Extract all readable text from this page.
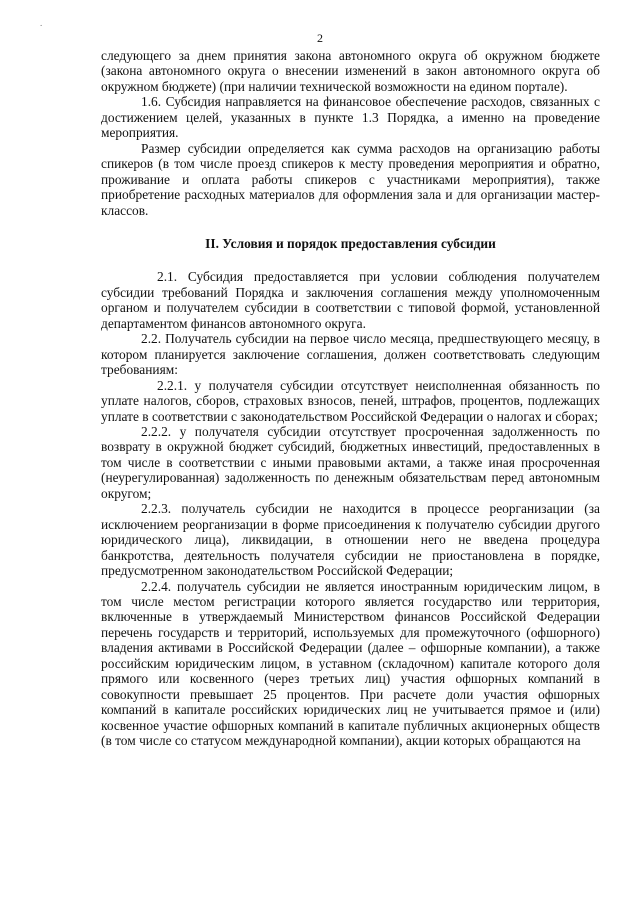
.
2

следующего за днем принятия закона автономного округа об окружном бюджете (закона автономного округа о внесении изменений в закон автономного округа об окружном бюджете) (при наличии технической возможности на едином портале).

1.6. Субсидия направляется на финансовое обеспечение расходов, связанных с достижением целей, указанных в пункте 1.3 Порядка, а именно на проведение мероприятия.

Размер субсидии определяется как сумма расходов на организацию работы спикеров (в том числе проезд спикеров к месту проведения мероприятия и обратно, проживание и оплата работы спикеров с участниками мероприятия), также приобретение расходных материалов для оформления зала и для организации мастер-классов.

II. Условия и порядок предоставления субсидии

2.1. Субсидия предоставляется при условии соблюдения получателем субсидии требований Порядка и заключения соглашения между уполномоченным органом и получателем субсидии в соответствии с типовой формой, установленной департаментом финансов автономного округа.

2.2. Получатель субсидии на первое число месяца, предшествующего месяцу, в котором планируется заключение соглашения, должен соответствовать следующим требованиям:

2.2.1. у получателя субсидии отсутствует неисполненная обязанность по уплате налогов, сборов, страховых взносов, пеней, штрафов, процентов, подлежащих уплате в соответствии с законодательством Российской Федерации о налогах и сборах;

2.2.2. у получателя субсидии отсутствует просроченная задолженность по возврату в окружной бюджет субсидий, бюджетных инвестиций, предоставленных в том числе в соответствии с иными правовыми актами, а также иная просроченная (неурегулированная) задолженность по денежным обязательствам перед автономным округом;

2.2.3. получатель субсидии не находится в процессе реорганизации (за исключением реорганизации в форме присоединения к получателю субсидии другого юридического лица), ликвидации, в отношении него не введена процедура банкротства, деятельность получателя субсидии не приостановлена в порядке, предусмотренном законодательством Российской Федерации;

2.2.4. получатель субсидии не является иностранным юридическим лицом, в том числе местом регистрации которого является государство или территория, включенные в утверждаемый Министерством финансов Российской Федерации перечень государств и территорий, используемых для промежуточного (офшорного) владения активами в Российской Федерации (далее – офшорные компании), а также российским юридическим лицом, в уставном (складочном) капитале которого доля прямого или косвенного (через третьих лиц) участия офшорных компаний в совокупности превышает 25 процентов. При расчете доли участия офшорных компаний в капитале российских юридических лиц не учитывается прямое и (или) косвенное участие офшорных компаний в капитале публичных акционерных обществ (в том числе со статусом международной компании), акции которых обращаются на
